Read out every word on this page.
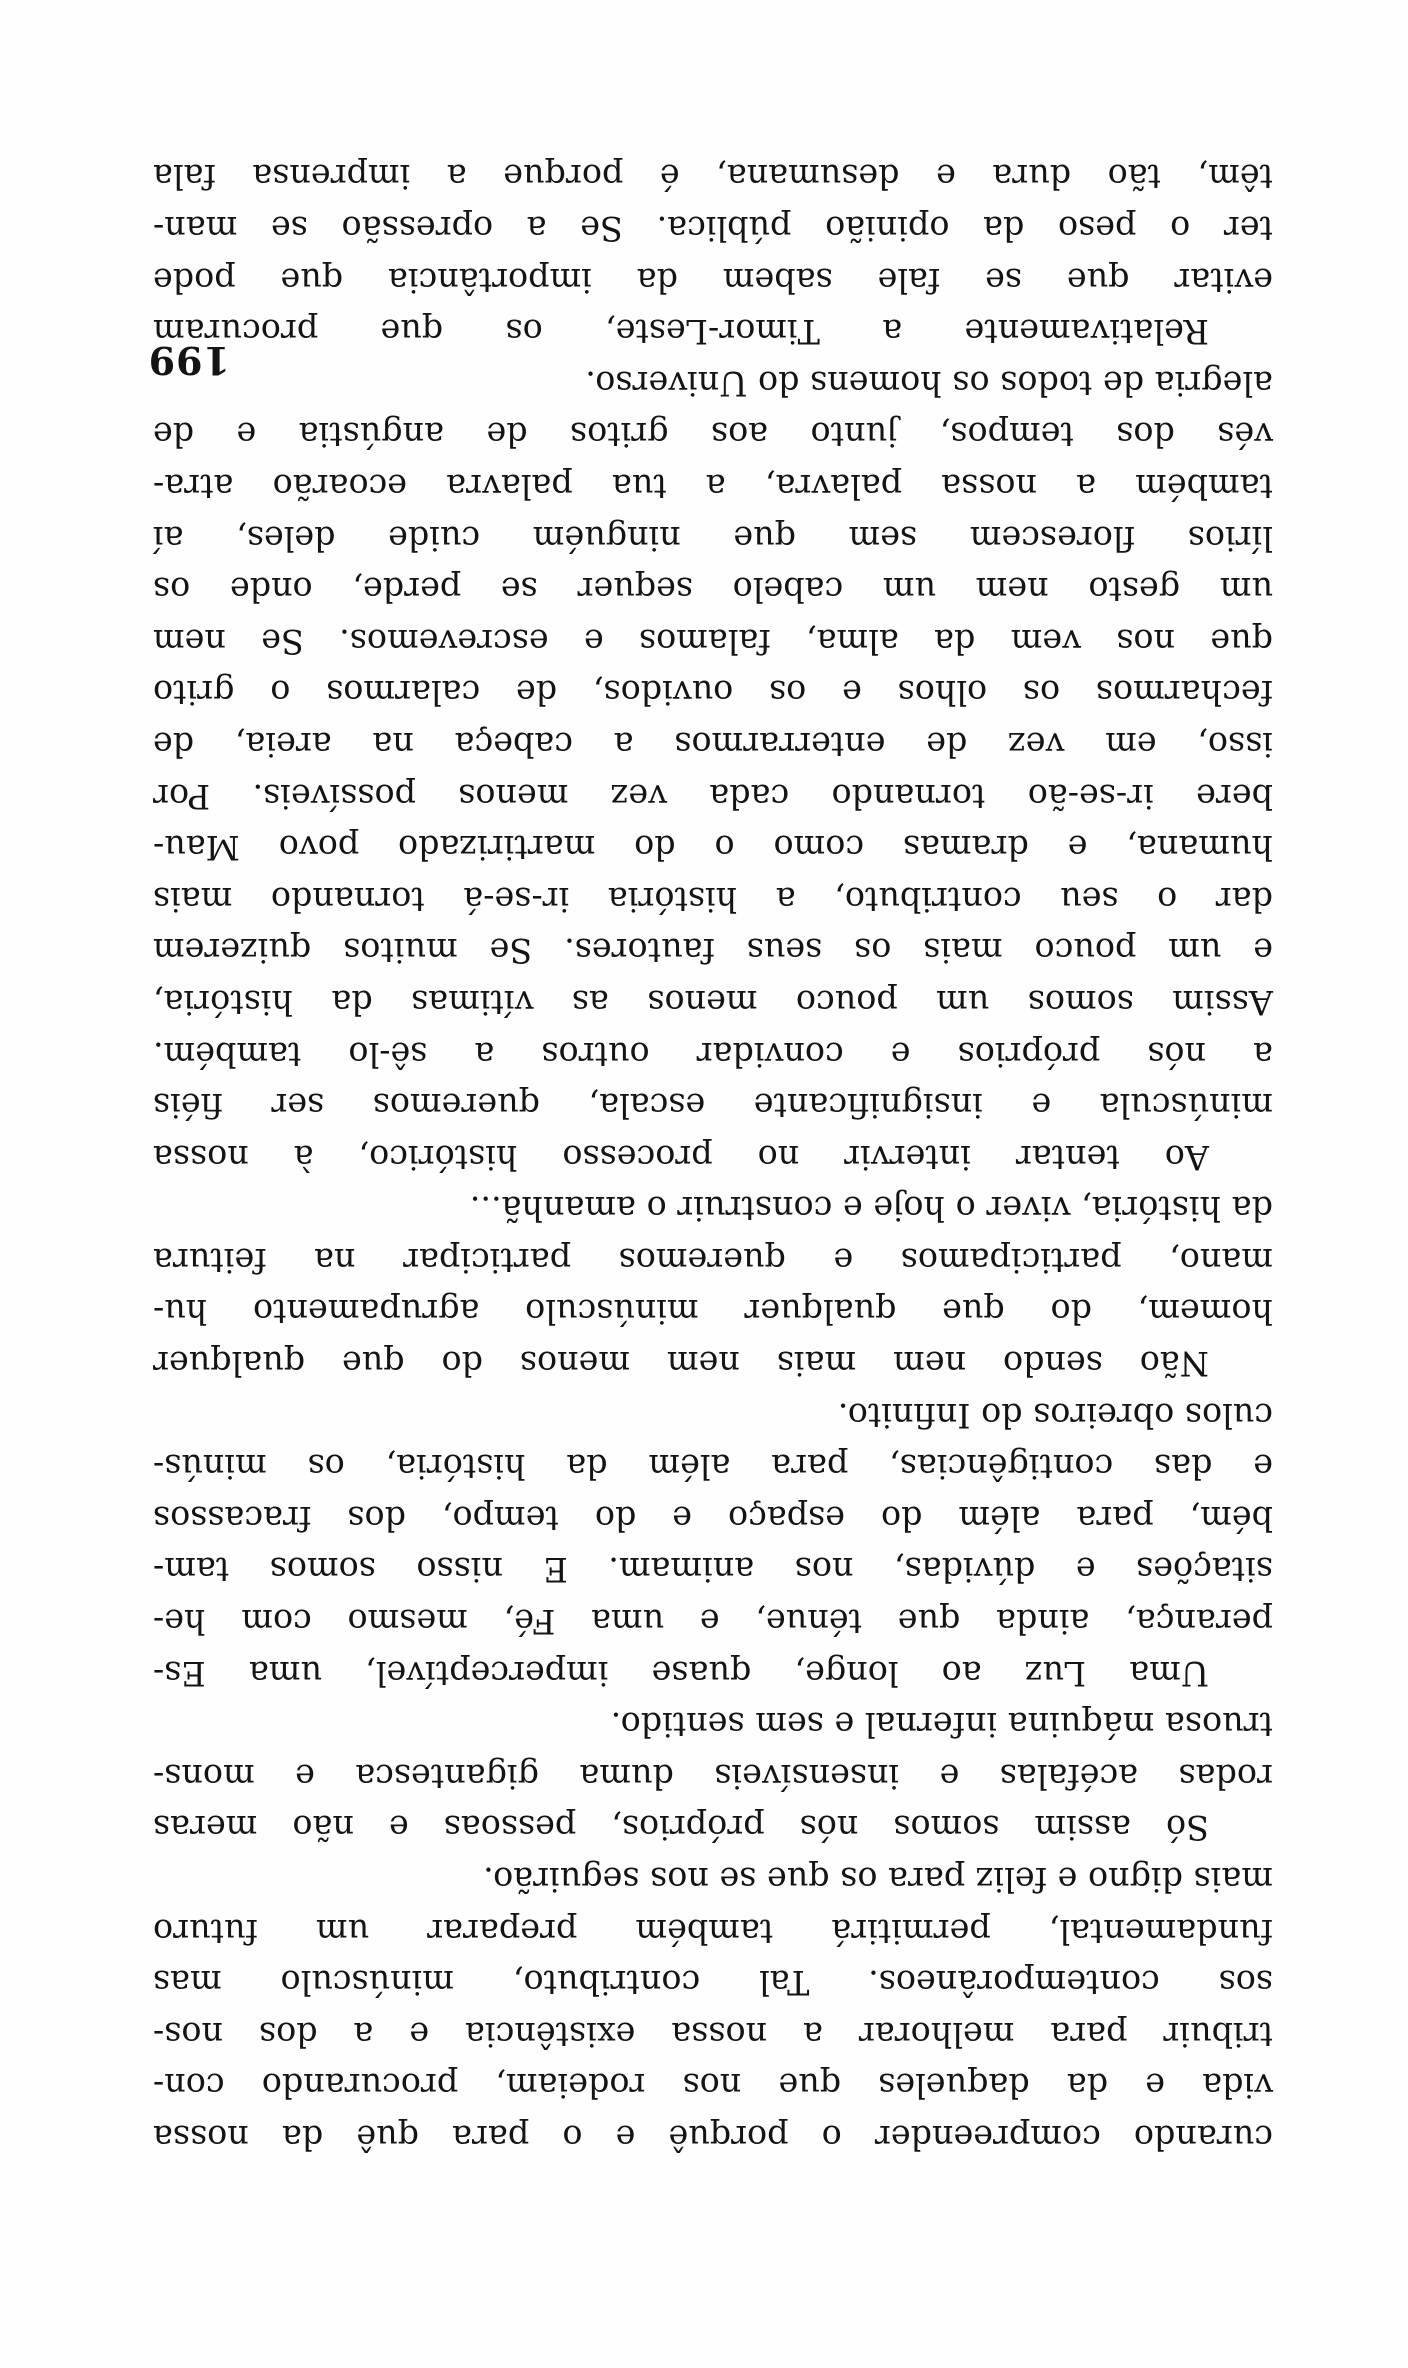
curando compreender o porquê e o para quê da nossa
vida e da daqueles que nos rodeiam, procurando con-
tribuir para melhorar a nossa existência e a dos nos-
sos contemporâneos. Tal contributo, minúsculo mas
fundamental, permitirá também preparar um futuro
mais digno e feliz para os que se nos seguirão.
Só assim somos nós próprios, pessoas e não meras
rodas acéfalas e insensíveis duma gigantesca e mons-
truosa máquina infernal e sem sentido.
Uma Luz ao longe, quase imperceptível, uma Es-
perança, ainda que ténue, e uma Fé, mesmo com he-
sitações e dúvidas, nos animam. E nisso somos tam-
bém, para além do espaço e do tempo, dos fracassos
e das contigências, para além da história, os minús-
culos obreiros do Infinito.
Não sendo nem mais nem menos do que qualquer
homem, do que qualquer minúsculo agrupamento hu-
mano, participamos e queremos participar na feitura
da história, viver o hoje e construir o amanhã...
Ao tentar intervir no processo histórico, à nossa
minúscula e insignificante escala, queremos ser fiéis
a nós próprios e convidar outros a sê-lo também.
Assim somos um pouco menos as vítimas da história,
e um pouco mais os seus fautores. Se muitos quizerem
dar o seu contributo, a história ir-se-á tornando mais
humana, e dramas como o do martirizado povo Mau-
bere ir-se-ão tornando cada vez menos possíveis. Por
isso, em vez de enterrarmos a cabeça na areia, de
fecharmos os olhos e os ouvidos, de calarmos o grito
que nos vem da alma, falamos e escrevemos. Se nem
um gesto nem um cabelo sequer se perde, onde os
lírios florescem sem que ninguém cuide deles, aí
também a nossa palavra, a tua palavra ecoarão atra-
vés dos tempos, junto aos gritos de angústia e de
alegria de todos os homens do Universo.
Relativamente a Timor-Leste, os que procuram
evitar que se fale sabem da importância que pode
ter o peso da opinião pública. Se a opressão se man-
têm, tão dura e desumana, é porque a imprensa fala
199
